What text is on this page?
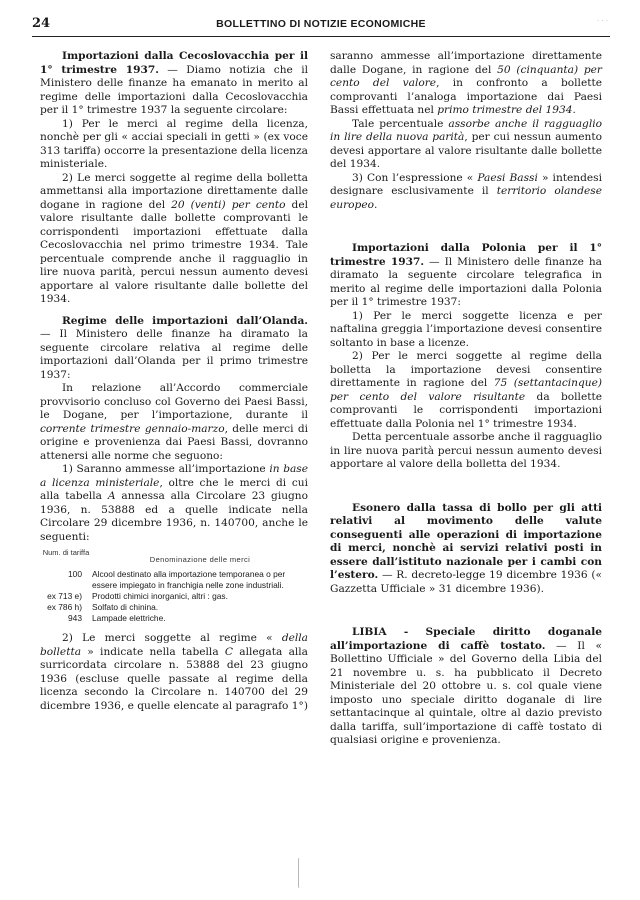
24	BOLLETTINO DI NOTIZIE ECONOMICHE	· · ·

Importazioni dalla Cecoslovacchia per il 1° trimestre 1937. — Diamo notizia che il Ministero delle finanze ha emanato in merito al regime delle importazioni dalla Cecoslovacchia per il 1° trimestre 1937 la seguente circolare:

1) Per le merci al regime della licenza, nonchè per gli « acciai speciali in getti » (ex voce 313 tariffa) occorre la presentazione della licenza ministeriale.

2) Le merci soggette al regime della bolletta ammettansi alla importazione direttamente dalle dogane in ragione del 20 (venti) per cento del valore risultante dalle bollette comprovanti le corrispondenti importazioni effettuate dalla Cecoslovacchia nel primo trimestre 1934. Tale percentuale comprende anche il ragguaglio in lire nuova parità, percui nessun aumento devesi apportare al valore risultante dalle bollette del 1934.

Regime delle importazioni dall’Olanda. — Il Ministero delle finanze ha diramato la seguente circolare relativa al regime delle importazioni dall’Olanda per il primo trimestre 1937:

In relazione all’Accordo commerciale provvisorio concluso col Governo dei Paesi Bassi, le Dogane, per l’importazione, durante il corrente trimestre gennaio-marzo, delle merci di origine e provenienza dai Paesi Bassi, dovranno attenersi alle norme che seguono:

1) Saranno ammesse all’importazione in base a licenza ministeriale, oltre che le merci di cui alla tabella A annessa alla Circolare 23 giugno 1936, n. 53888 ed a quelle indicate nella Circolare 29 dicembre 1936, n. 140700, anche le seguenti:

Num. di tariffa
Denominazione delle merci
100	Alcool destinato alla importazione temporanea o per essere impiegato in franchigia nelle zone industriali.
ex 713 e)	Prodotti chimici inorganici, altri : gas.
ex 786 h)	Solfato di chinina.
943	Lampade elettriche.

2) Le merci soggette al regime « della bolletta » indicate nella tabella C allegata alla surricordata circolare n. 53888 del 23 giugno 1936 (escluse quelle passate al regime della licenza secondo la Circolare n. 140700 del 29 dicembre 1936, e quelle elencate al paragrafo 1°)

saranno ammesse all’importazione direttamente dalle Dogane, in ragione del 50 (cinquanta) per cento del valore, in confronto a bollette comprovanti l’analoga importazione dai Paesi Bassi effettuata nel primo trimestre del 1934.

Tale percentuale assorbe anche il ragguaglio in lire della nuova parità, per cui nessun aumento devesi apportare al valore risultante dalle bollette del 1934.

3) Con l’espressione « Paesi Bassi » intendesi designare esclusivamente il territorio olandese europeo.

Importazioni dalla Polonia per il 1° trimestre 1937. — Il Ministero delle finanze ha diramato la seguente circolare telegrafica in merito al regime delle importazioni dalla Polonia per il 1° trimestre 1937:

1) Per le merci soggette licenza e per naftalina greggia l’importazione devesi consentire soltanto in base a licenze.

2) Per le merci soggette al regime della bolletta la importazione devesi consentire direttamente in ragione del 75 (settantacinque) per cento del valore risultante da bollette comprovanti le corrispondenti importazioni effettuate dalla Polonia nel 1° trimestre 1934.

Detta percentuale assorbe anche il ragguaglio in lire nuova parità percui nessun aumento devesi apportare al valore della bolletta del 1934.

Esonero dalla tassa di bollo per gli atti relativi al movimento delle valute conseguenti alle operazioni di importazione di merci, nonchè ai servizi relativi posti in essere dall’istituto nazionale per i cambi con l’estero. — R. decreto-legge 19 dicembre 1936 (« Gazzetta Ufficiale » 31 dicembre 1936).

LIBIA - Speciale diritto doganale all’importazione di caffè tostato. — Il « Bollettino Ufficiale » del Governo della Libia del 21 novembre u. s. ha pubblicato il Decreto Ministeriale del 20 ottobre u. s. col quale viene imposto uno speciale diritto doganale di lire settantacinque al quintale, oltre al dazio previsto dalla tariffa, sull’importazione di caffè tostato di qualsiasi origine e provenienza.
